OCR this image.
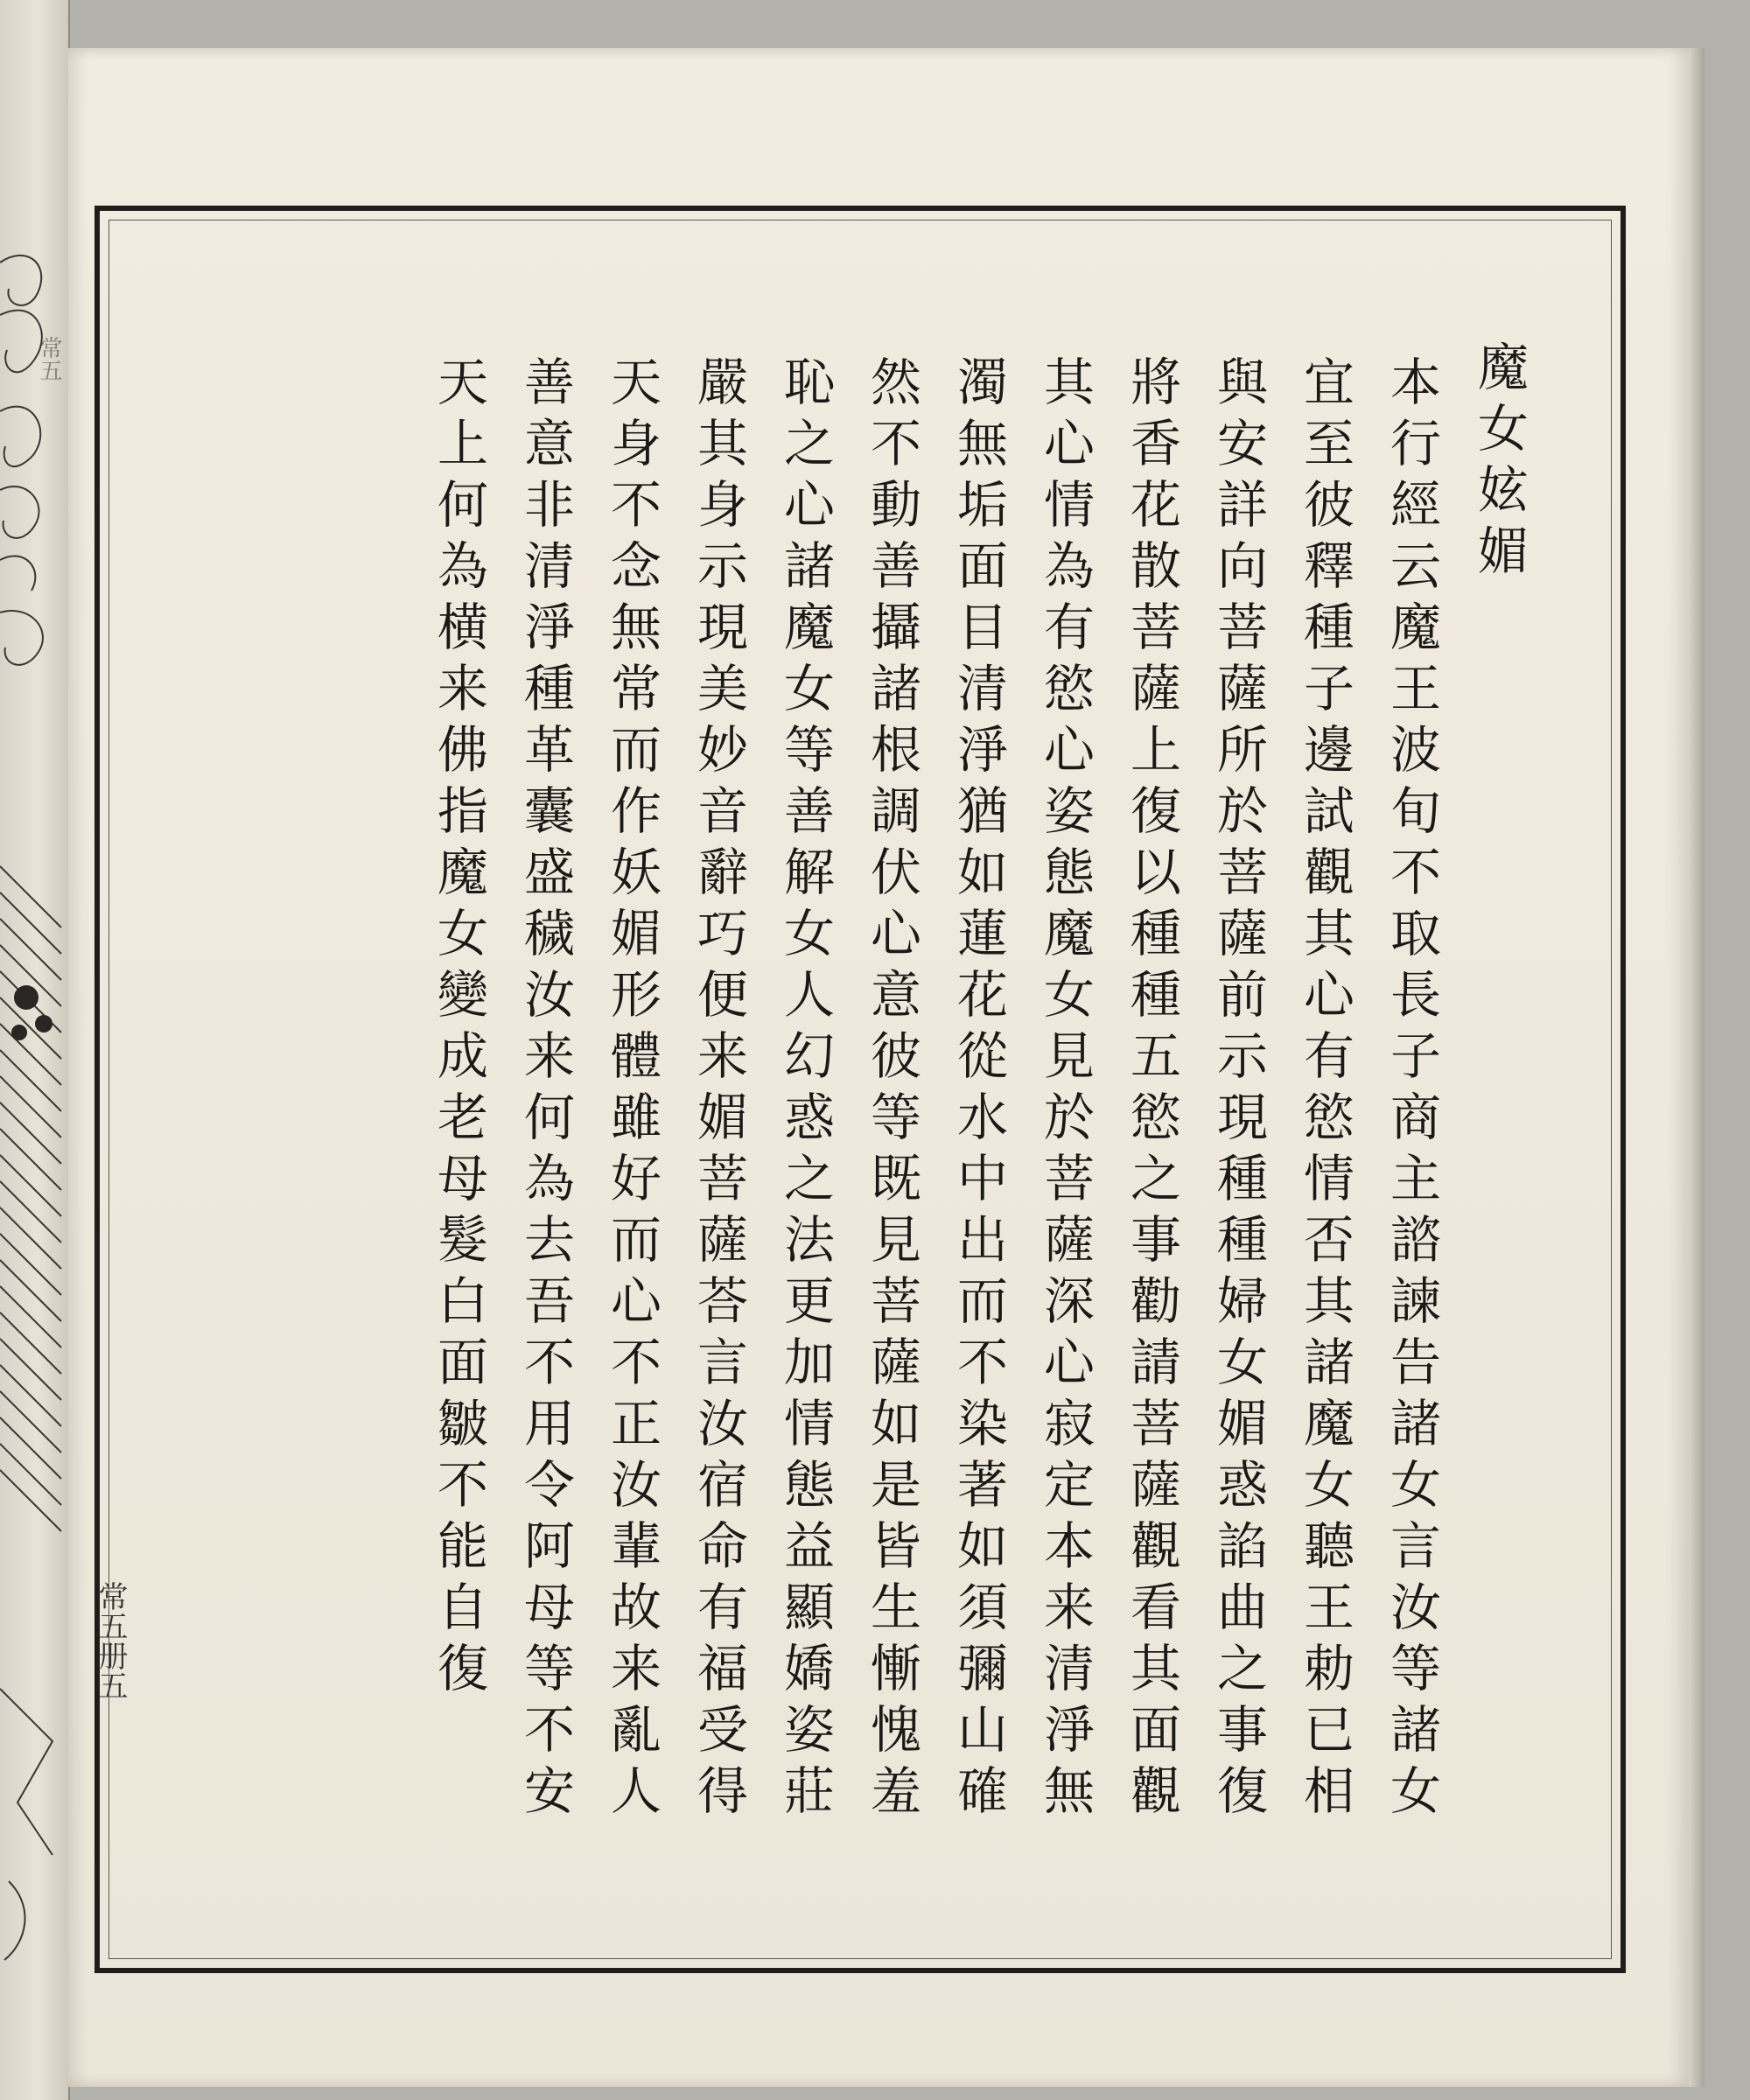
常五
常五册五
魔女妶媚
本行經云魔王波旬不取長子商主諮諫告諸女言汝等諸女
宜至彼釋種子邊試觀其心有慾情否其諸魔女聽王勅已相
與安詳向菩薩所於菩薩前示現種種婦女媚惑諂曲之事復
將香花散菩薩上復以種種五慾之事勸請菩薩觀看其面觀
其心情為有慾心姿態魔女見於菩薩深心寂定本来清淨無
濁無垢面目清淨猶如蓮花從水中出而不染著如須彌山確
然不動善攝諸根調伏心意彼等既見菩薩如是皆生慚愧羞
恥之心諸魔女等善解女人幻惑之法更加情態益顯嬌姿莊
嚴其身示現美妙音辭巧便来媚菩薩荅言汝宿命有福受得
天身不念無常而作妖媚形體雖好而心不正汝輩故来亂人
善意非清淨種革囊盛穢汝来何為去吾不用令阿母等不安
天上何為横来佛指魔女變成老母髮白面皺不能自復
